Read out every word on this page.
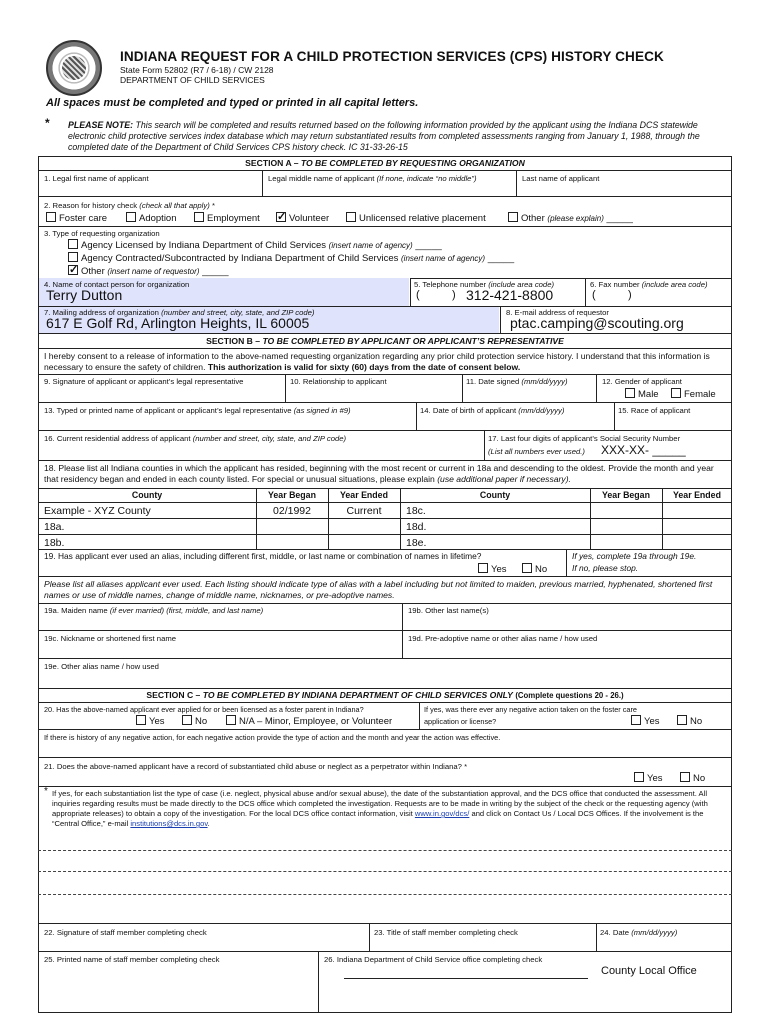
INDIANA REQUEST FOR A CHILD PROTECTION SERVICES (CPS) HISTORY CHECK
State Form 52802 (R7 / 6-18) / CW 2128
DEPARTMENT OF CHILD SERVICES
All spaces must be completed and typed or printed in all capital letters.
* PLEASE NOTE: This search will be completed and results returned based on the following information provided by the applicant using the Indiana DCS statewide electronic child protective services index database which may return substantiated results from completed assessments ranging from January 1, 1988, through the completed date of the Department of Child Services CPS history check. IC 31-33-26-15
SECTION A – TO BE COMPLETED BY REQUESTING ORGANIZATION
1. Legal first name of applicant	Legal middle name of applicant (If none, indicate “no middle”)	Last name of applicant
2. Reason for history check (check all that apply) *
Foster care	Adoption	Employment
✓	Volunteer	Unlicensed relative placement	Other (please explain) _____
3. Type of requesting organization
Agency Licensed by Indiana Department of Child Services (insert name of agency) _____
Agency Contracted/Subcontracted by Indiana Department of Child Services (insert name of agency) _____
✓Other (insert name of requestor) _____
4. Name of contact person for organization
Terry Dutton
5. Telephone number (include area code)
(	) 312-421-8800
6. Fax number (include area code)
(	)
7. Mailing address of organization (number and street, city, state, and ZIP code)
617 E Golf Rd, Arlington Heights, IL 60005
8. E-mail address of requestor
ptac.camping@scouting.org
SECTION B – TO BE COMPLETED BY APPLICANT OR APPLICANT’S REPRESENTATIVE
I hereby consent to a release of information to the above-named requesting organization regarding any prior child protection service history. I understand that this information is necessary to ensure the safety of children. This authorization is valid for sixty (60) days from the date of consent below.
9. Signature of applicant or applicant’s legal representative	10. Relationship to applicant	11. Date signed (mm/dd/yyyy)	12. Gender of applicant
Male	Female
13. Typed or printed name of applicant or applicant’s legal representative (as signed in #9)	14. Date of birth of applicant (mm/dd/yyyy)	15. Race of applicant
16. Current residential address of applicant (number and street, city, state, and ZIP code)	17. Last four digits of applicant’s Social Security Number
(List all numbers ever used.) XXX-XX- _____
18. Please list all Indiana counties in which the applicant has resided, beginning with the most recent or current in 18a and descending to the oldest. Provide the month and year that residency began and ended in each county listed. For special or unusual situations, please explain (use additional paper if necessary).
County	Year Began	Year Ended	County	Year Began	Year Ended
Example - XYZ County	02/1992	Current
18a.
18b.
18c.
18d.
18e.
19. Has applicant ever used an alias, including different first, middle, or last name or combination of names in lifetime?
Yes	No
If yes, complete 19a through 19e.
If no, please stop.
Please list all aliases applicant ever used. Each listing should indicate type of alias with a label including but not limited to maiden, previous married, hyphenated, shortened first names or use of middle names, change of middle name, nicknames, or pre-adoptive names.
19a. Maiden name (if ever married) (first, middle, and last name)	19b. Other last name(s)
19c. Nickname or shortened first name	19d. Pre-adoptive name or other alias name / how used
19e. Other alias name / how used
SECTION C – TO BE COMPLETED BY INDIANA DEPARTMENT OF CHILD SERVICES ONLY (Complete questions 20 - 26.)
20. Has the above-named applicant ever applied for or been licensed as a foster parent in Indiana?
Yes	No	N/A – Minor, Employee, or Volunteer
If yes, was there ever any negative action taken on the foster care
application or license?	Yes	No
If there is history of any negative action, for each negative action provide the type of action and the month and year the action was effective.
21. Does the above-named applicant have a record of substantiated child abuse or neglect as a perpetrator within Indiana? *
Yes	No
* If yes, for each substantiation list the type of case (i.e. neglect, physical abuse and/or sexual abuse), the date of the substantiation approval, and the DCS office that conducted the assessment. All inquiries regarding results must be made directly to the DCS office which completed the investigation. Requests are to be made in writing by the subject of the check or the requesting agency (with appropriate releases) to obtain a copy of the investigation. For the local DCS office contact information, visit www.in.gov/dcs/ and click on Contact Us / Local DCS Offices. If the involvement is the “Central Office,” e-mail institutions@dcs.in.gov.
22. Signature of staff member completing check	23. Title of staff member completing check	24. Date (mm/dd/yyyy)
25. Printed name of staff member completing check	26. Indiana Department of Child Service office completing check
County Local Office
